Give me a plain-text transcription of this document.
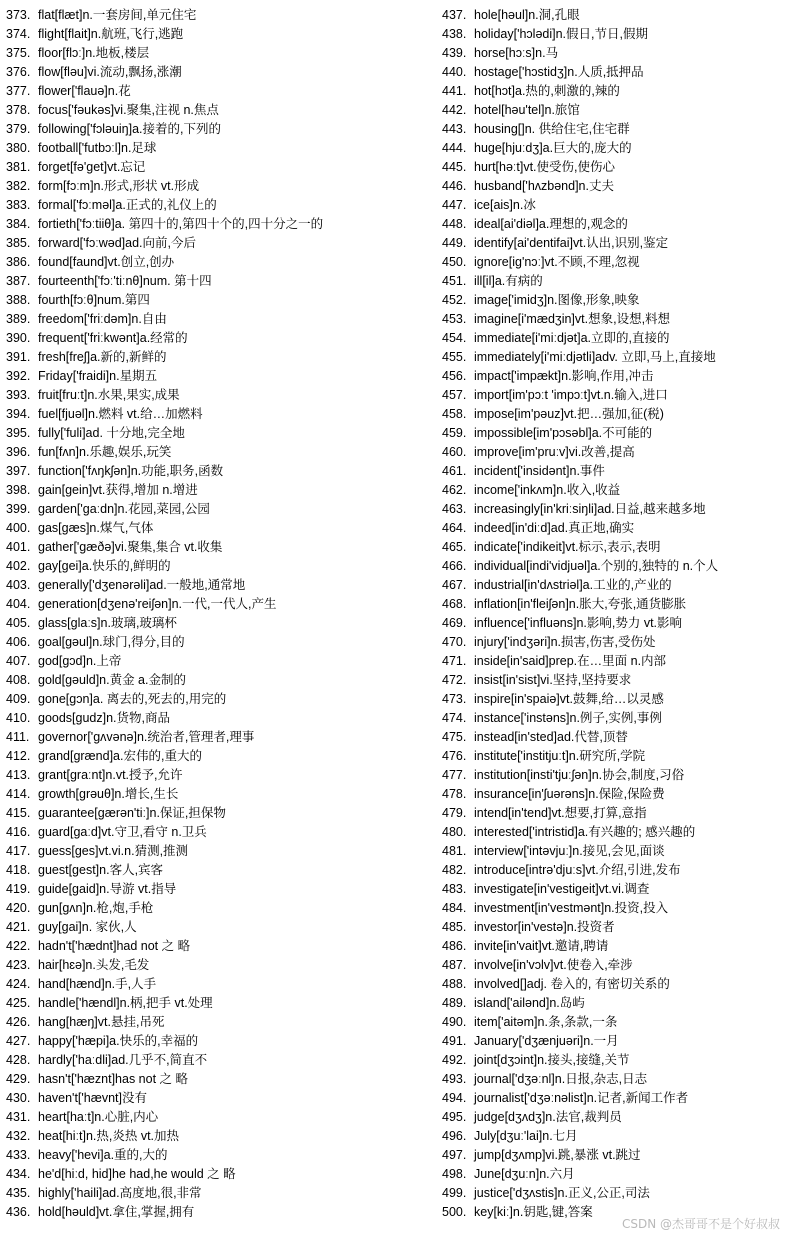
373. flat[flæt]n.一套房间,单元住宅
374. flight[flait]n.航班,飞行,逃跑
375. floor[flɔː]n.地板,楼层
376. flow[fləu]vi.流动,飘扬,涨潮
377. flower['flauə]n.花
378. focus['fəukəs]vi.聚集,注视 n.焦点
379. following['fɔləuiŋ]a.接着的,下列的
380. football['futbɔːl]n.足球
381. forget[fə'get]vt.忘记
382. form[fɔːm]n.形式,形状 vt.形成
383. formal['fɔːməl]a.正式的,礼仪上的
384. fortieth['fɔːtiiθ]a. 第四十的,第四十个的,四十分之一的
385. forward['fɔːwəd]ad.向前,今后
386. found[faund]vt.创立,创办
387. fourteenth['fɔː'tiːnθ]num. 第十四
388. fourth[fɔːθ]num.第四
389. freedom['friːdəm]n.自由
390. frequent['friːkwənt]a.经常的
391. fresh[freʃ]a.新的,新鲜的
392. Friday['fraidi]n.星期五
393. fruit[fruːt]n.水果,果实,成果
394. fuel[fjuəl]n.燃料 vt.给…加燃料
395. fully['fuli]ad. 十分地,完全地
396. fun[fʌn]n.乐趣,娱乐,玩笑
397. function['fʌŋkʃən]n.功能,职务,函数
398. gain[gein]vt.获得,增加 n.增进
399. garden['gaːdn]n.花园,菜园,公园
400. gas[gæs]n.煤气,气体
401. gather['gæðə]vi.聚集,集合 vt.收集
402. gay[gei]a.快乐的,鲜明的
403. generally['dʒenərəli]ad.一般地,通常地
404. generation[dʒenə'reiʃən]n.一代,一代人,产生
405. glass[glaːs]n.玻璃,玻璃杯
406. goal[gəul]n.球门,得分,目的
407. god[gɔd]n.上帝
408. gold[gəuld]n.黄金 a.金制的
409. gone[gɔn]a. 离去的,死去的,用完的
410. goods[gudz]n.货物,商品
411. governor['gʌvənə]n.统治者,管理者,理事
412. grand[grænd]a.宏伟的,重大的
413. grant[graːnt]n.vt.授予,允许
414. growth[grəuθ]n.增长,生长
415. guarantee[gærən'tiː]n.保证,担保物
416. guard[gaːd]vt.守卫,看守 n.卫兵
417. guess[ges]vt.vi.n.猜测,推测
418. guest[gest]n.客人,宾客
419. guide[gaid]n.导游 vt.指导
420. gun[gʌn]n.枪,炮,手枪
421. guy[gai]n. 家伙,人
422. hadn't['hædnt]had not 之 略
423. hair[hɛə]n.头发,毛发
424. hand[hænd]n.手,人手
425. handle['hændl]n.柄,把手 vt.处理
426. hang[hæŋ]vt.悬挂,吊死
427. happy['hæpi]a.快乐的,幸福的
428. hardly['haːdli]ad.几乎不,简直不
429. hasn't['hæznt]has not 之 略
430. haven't['hævnt]没有
431. heart[haːt]n.心脏,内心
432. heat[hiːt]n.热,炎热 vt.加热
433. heavy['hevi]a.重的,大的
434. he'd[hiːd, hid]he had,he would 之 略
435. highly['haili]ad.高度地,很,非常
436. hold[həuld]vt.拿住,掌握,拥有
437. hole[həul]n.洞,孔眼
438. holiday['hɔlədi]n.假日,节日,假期
439. horse[hɔːs]n.马
440. hostage['hɔstidʒ]n.人质,抵押品
441. hot[hɔt]a.热的,刺激的,辣的
442. hotel[həu'tel]n.旅馆
443. housing[]n. 供给住宅,住宅群
444. huge[hjuːdʒ]a.巨大的,庞大的
445. hurt[həːt]vt.使受伤,使伤心
446. husband['hʌzbənd]n.丈夫
447. ice[ais]n.冰
448. ideal[ai'diəl]a.理想的,观念的
449. identify[ai'dentifai]vt.认出,识别,鉴定
450. ignore[ig'nɔː]vt.不顾,不理,忽视
451. ill[il]a.有病的
452. image['imidʒ]n.图像,形象,映象
453. imagine[i'mædʒin]vt.想象,设想,料想
454. immediate[i'miːdjət]a.立即的,直接的
455. immediately[i'miːdjətli]adv. 立即,马上,直接地
456. impact['impækt]n.影响,作用,冲击
457. import[im'pɔːt 'impɔːt]vt.n.输入,进口
458. impose[im'pəuz]vt.把…强加,征(税)
459. impossible[im'pɔsəbl]a.不可能的
460. improve[im'pruːv]vi.改善,提高
461. incident['insidənt]n.事件
462. income['inkʌm]n.收入,收益
463. increasingly[in'kriːsiŋli]ad.日益,越来越多地
464. indeed[in'diːd]ad.真正地,确实
465. indicate['indikeit]vt.标示,表示,表明
466. individual[indi'vidjuəl]a.个别的,独特的 n.个人
467. industrial[in'dʌstriəl]a.工业的,产业的
468. inflation[in'fleiʃən]n.胀大,夸张,通货膨胀
469. influence['influəns]n.影响,势力 vt.影响
470. injury['indʒəri]n.损害,伤害,受伤处
471. inside[in'said]prep.在…里面 n.内部
472. insist[in'sist]vi.坚持,坚持要求
473. inspire[in'spaiə]vt.鼓舞,给…以灵感
474. instance['instəns]n.例子,实例,事例
475. instead[in'sted]ad.代替,顶替
476. institute['institjuːt]n.研究所,学院
477. institution[insti'tjuːʃən]n.协会,制度,习俗
478. insurance[in'ʃuərəns]n.保险,保险费
479. intend[in'tend]vt.想要,打算,意指
480. interested['intristid]a.有兴趣的; 感兴趣的
481. interview['intəvjuː]n.接见,会见,面谈
482. introduce[intrə'djuːs]vt.介绍,引进,发布
483. investigate[in'vestigeit]vt.vi.调查
484. investment[in'vestmənt]n.投资,投入
485. investor[in'vestə]n.投资者
486. invite[in'vait]vt.邀请,聘请
487. involve[in'vɔlv]vt.使卷入,牵涉
488. involved[]adj. 卷入的, 有密切关系的
489. island['ailənd]n.岛屿
490. item['aitəm]n.条,条款,一条
491. January['dʒænjuəri]n.一月
492. joint[dʒɔint]n.接头,接缝,关节
493. journal['dʒəːnl]n.日报,杂志,日志
494. journalist['dʒəːnəlist]n.记者,新闻工作者
495. judge[dʒʌdʒ]n.法官,裁判员
496. July[dʒuː'lai]n.七月
497. jump[dʒʌmp]vi.跳,暴涨 vt.跳过
498. June[dʒuːn]n.六月
499. justice['dʒʌstis]n.正义,公正,司法
500. key[kiː]n.钥匙,键,答案
CSDN @杰哥哥不是个好叔叔
